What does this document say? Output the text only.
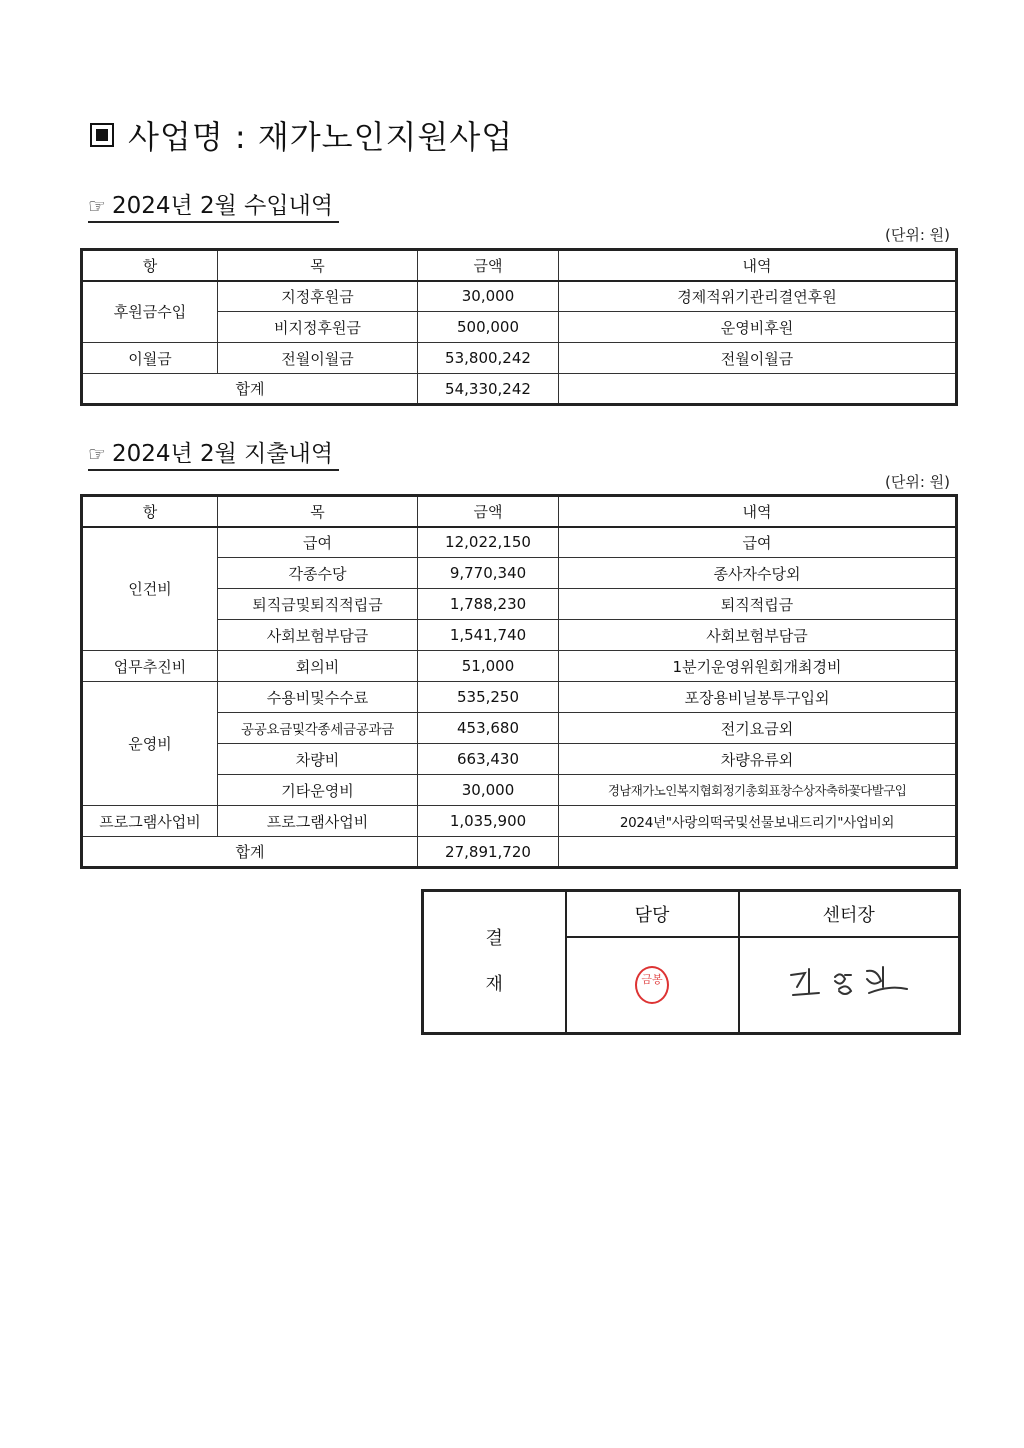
사업명 : 재가노인지원사업
☞ 2024년 2월 수입내역
(단위: 원)
항	목	금액	내역
후원금수입	지정후원금	30,000	경제적위기관리결연후원
	비지정후원금	500,000	운영비후원
이월금	전월이월금	53,800,242	전월이월금
합계		54,330,242	
☞ 2024년 2월 지출내역
(단위: 원)
항	목	금액	내역
인건비	급여	12,022,150	급여
	각종수당	9,770,340	종사자수당외
	퇴직금및퇴직적립금	1,788,230	퇴직적립금
	사회보험부담금	1,541,740	사회보험부담금
업무추진비	회의비	51,000	1분기운영위원회개최경비
운영비	수용비및수수료	535,250	포장용비닐봉투구입외
	공공요금및각종세금공과금	453,680	전기요금외
	차량비	663,430	차량유류외
	기타운영비	30,000	경남재가노인복지협회정기총회표창수상자축하꽃다발구입
프로그램사업비	프로그램사업비	1,035,900	2024년"사랑의떡국및선물보내드리기"사업비외
합계		27,891,720	
결
재	담당	센터장
	금봉	
